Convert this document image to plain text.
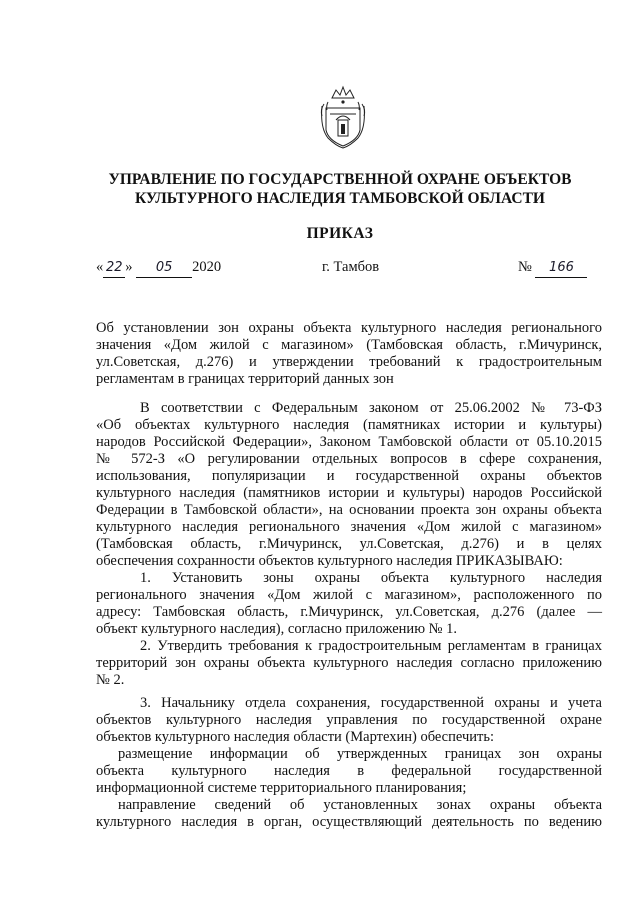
УПРАВЛЕНИЕ ПО ГОСУДАРСТВЕННОЙ ОХРАНЕ ОБЪЕКТОВ
КУЛЬТУРНОГО НАСЛЕДИЯ ТАМБОВСКОЙ ОБЛАСТИ
ПРИКАЗ
« 22 » 05 2020	г. Тамбов	№ 166
Об установлении зон охраны объекта культурного наследия регионального
значения «Дом жилой с магазином» (Тамбовская область, г.Мичуринск,
ул.Советская, д.276) и утверждении требований к градостроительным
регламентам в границах территорий данных зон
В соответствии с Федеральным законом от 25.06.2002 № 73-ФЗ
«Об объектах культурного наследия (памятниках истории и культуры)
народов Российской Федерации», Законом Тамбовской области от 05.10.2015
№ 572-З «О регулировании отдельных вопросов в сфере сохранения,
использования, популяризации и государственной охраны объектов
культурного наследия (памятников истории и культуры) народов Российской
Федерации в Тамбовской области», на основании проекта зон охраны объекта
культурного наследия регионального значения «Дом жилой с магазином»
(Тамбовская область, г.Мичуринск, ул.Советская, д.276) и в целях
обеспечения сохранности объектов культурного наследия ПРИКАЗЫВАЮ:
1. Установить зоны охраны объекта культурного наследия
регионального значения «Дом жилой с магазином», расположенного по
адресу: Тамбовская область, г.Мичуринск, ул.Советская, д.276 (далее —
объект культурного наследия), согласно приложению № 1.
2. Утвердить требования к градостроительным регламентам в границах
территорий зон охраны объекта культурного наследия согласно приложению
№ 2.
3. Начальнику отдела сохранения, государственной охраны и учета
объектов культурного наследия управления по государственной охране
объектов культурного наследия области (Мартехин) обеспечить:
размещение информации об утвержденных границах зон охраны
объекта культурного наследия в федеральной государственной
информационной системе территориального планирования;
направление сведений об установленных зонах охраны объекта
культурного наследия в орган, осуществляющий деятельность по ведению
